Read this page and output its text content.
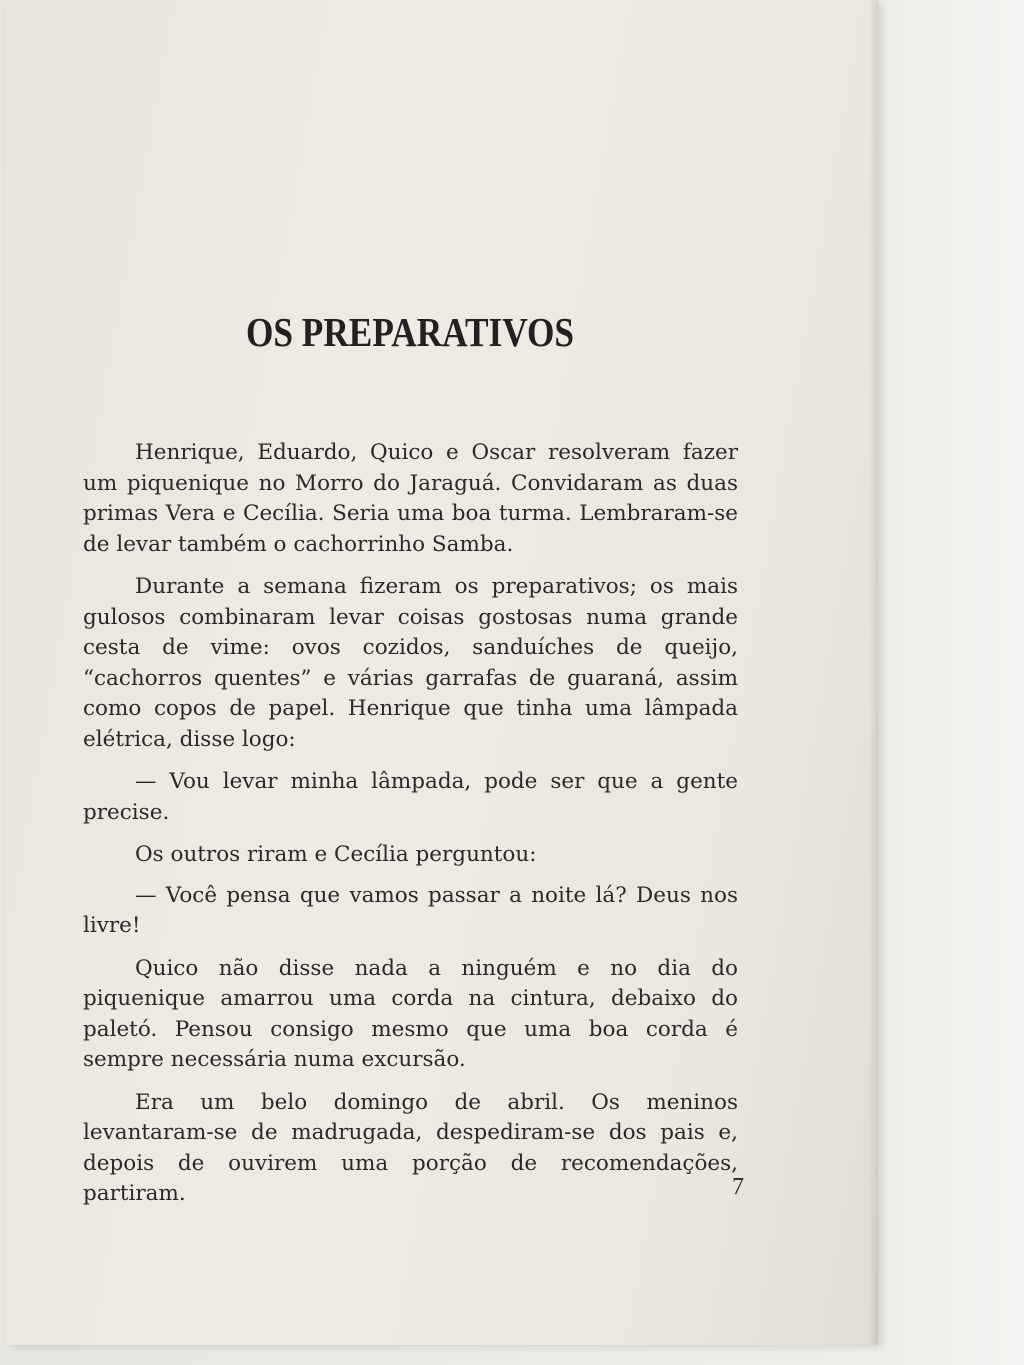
OS PREPARATIVOS

Henrique, Eduardo, Quico e Oscar resolveram fazer um piquenique no Morro do Jaraguá. Convidaram as duas primas Vera e Cecília. Seria uma boa turma. Lembraram-se de levar também o cachorrinho Samba.

Durante a semana fizeram os preparativos; os mais gulosos combinaram levar coisas gostosas numa grande cesta de vime: ovos cozidos, sanduíches de queijo, “cachorros quentes” e várias garrafas de guaraná, assim como copos de papel. Henrique que tinha uma lâmpada elétrica, disse logo:

— Vou levar minha lâmpada, pode ser que a gente precise.

Os outros riram e Cecília perguntou:

— Você pensa que vamos passar a noite lá? Deus nos livre!

Quico não disse nada a ninguém e no dia do piquenique amarrou uma corda na cintura, debaixo do paletó. Pensou consigo mesmo que uma boa corda é sempre necessária numa excursão.

Era um belo domingo de abril. Os meninos levantaram-se de madrugada, despediram-se dos pais e, depois de ouvirem uma porção de recomendações, partiram.	7
